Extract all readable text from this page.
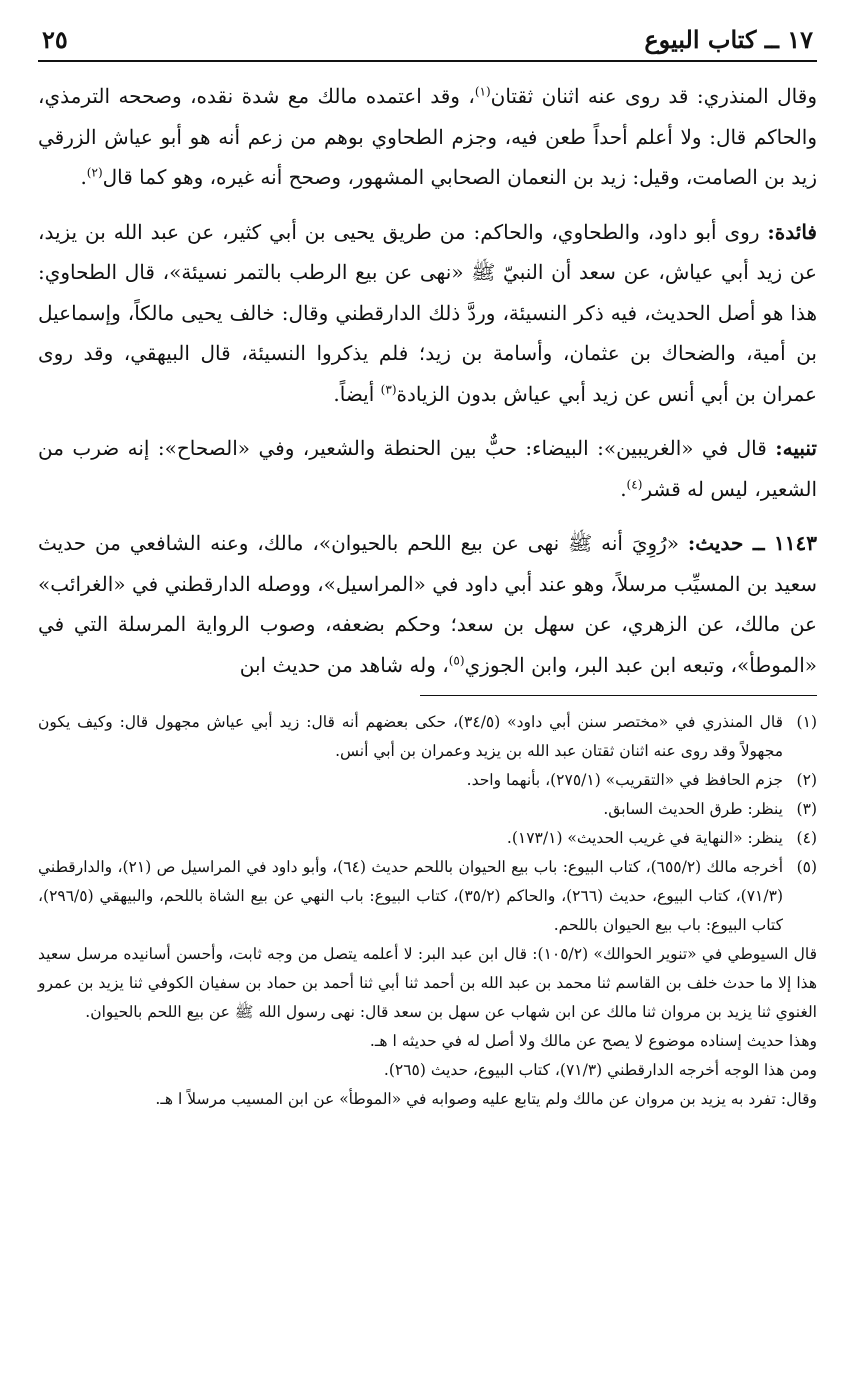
١٧ ــ كتاب البيوع
٢٥

وقال المنذري: قد روى عنه اثنان ثقتان$^{(١)}$، وقد اعتمده مالك مع شدة نقده، وصححه الترمذي، والحاكم قال: ولا أعلم أحداً طعن فيه، وجزم الطحاوي بوهم من زعم أنه هو أبو عياش الزرقي زيد بن الصامت، وقيل: زيد بن النعمان الصحابي المشهور، وصحح أنه غيره، وهو كما قال$^{(٢)}$.

فائدة: روى أبو داود، والطحاوي، والحاكم: من طريق يحيى بن أبي كثير، عن عبد الله بن يزيد، عن زيد أبي عياش، عن سعد أن النبيّ ﷺ «نهى عن بيع الرطب بالتمر نسيئة»، قال الطحاوي: هذا هو أصل الحديث، فيه ذكر النسيئة، وردَّ ذلك الدارقطني وقال: خالف يحيى مالكاً، وإسماعيل بن أمية، والضحاك بن عثمان، وأسامة بن زيد؛ فلم يذكروا النسيئة، قال البيهقي، وقد روى عمران بن أبي أنس عن زيد أبي عياش بدون الزيادة$^{(٣)}$ أيضاً.

تنبيه: قال في «الغريبين»: البيضاء: حبٌّ بين الحنطة والشعير، وفي «الصحاح»: إنه ضرب من الشعير، ليس له قشر$^{(٤)}$.

١١٤٣ ــ حديث: «رُوِيَ أنه ﷺ نهى عن بيع اللحم بالحيوان»، مالك، وعنه الشافعي من حديث سعيد بن المسيِّب مرسلاً، وهو عند أبي داود في «المراسيل»، ووصله الدارقطني في «الغرائب» عن مالك، عن الزهري، عن سهل بن سعد؛ وحكم بضعفه، وصوب الرواية المرسلة التي في «الموطأ»، وتبعه ابن عبد البر، وابن الجوزي$^{(٥)}$، وله شاهد من حديث ابن

(١)قال المنذري في «مختصر سنن أبي داود» (٣٤/٥)، حكى بعضهم أنه قال: زيد أبي عياش مجهول قال: وكيف يكون مجهولاً وقد روى عنه اثنان ثقتان عبد الله بن يزيد وعمران بن أبي أنس.

(٢)جزم الحافظ في «التقريب» (٢٧٥/١)، بأنهما واحد.

(٣)ينظر: طرق الحديث السابق.

(٤)ينظر: «النهاية في غريب الحديث» (١٧٣/١).

(٥)أخرجه مالك (٦٥٥/٢)، كتاب البيوع: باب بيع الحيوان باللحم حديث (٦٤)، وأبو داود في المراسيل ص (٢١)، والدارقطني (٧١/٣)، كتاب البيوع، حديث (٢٦٦)، والحاكم (٣٥/٢)، كتاب البيوع: باب النهي عن بيع الشاة باللحم، والبيهقي (٢٩٦/٥)، كتاب البيوع: باب بيع الحيوان باللحم.

قال السيوطي في «تنوير الحوالك» (١٠٥/٢): قال ابن عبد البر: لا أعلمه يتصل من وجه ثابت، وأحسن أسانيده مرسل سعيد هذا إلا ما حدث خلف بن القاسم ثنا محمد بن عبد الله بن أحمد ثنا أبي ثنا أحمد بن حماد بن سفيان الكوفي ثنا يزيد بن عمرو الغنوي ثنا يزيد بن مروان ثنا مالك عن ابن شهاب عن سهل بن سعد قال: نهى رسول الله ﷺ عن بيع اللحم بالحيوان.

وهذا حديث إسناده موضوع لا يصح عن مالك ولا أصل له في حديثه ا هـ.

ومن هذا الوجه أخرجه الدارقطني (٧١/٣)، كتاب البيوع، حديث (٢٦٥).

وقال: تفرد به يزيد بن مروان عن مالك ولم يتابع عليه وصوابه في «الموطأ» عن ابن المسيب مرسلاً ا هـ.
